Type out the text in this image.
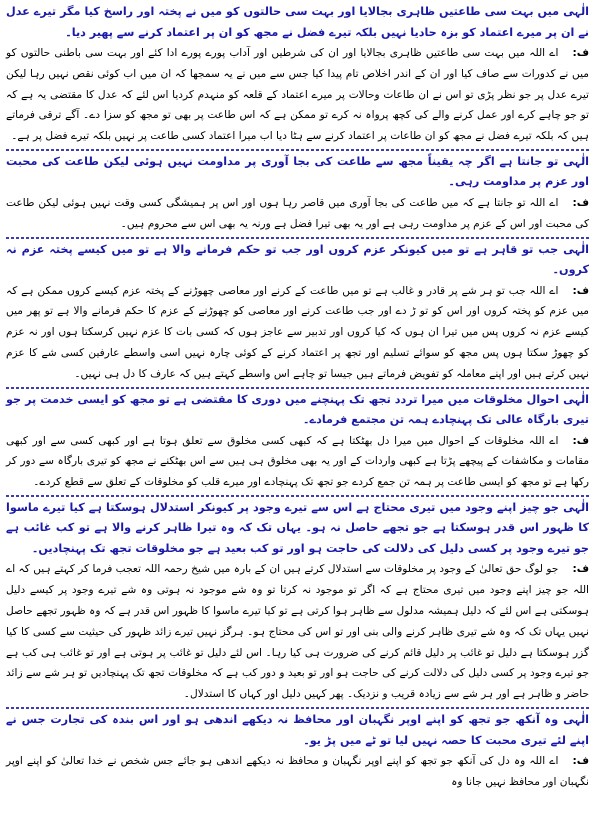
الٰہی میں بہت سی طاعتیں ظاہری بجالایا اور بہت سی حالتوں کو میں نے پختہ اور راسخ کیا مگر تیرے عدل نے ان پر میرے اعتماد کو بزہ حادیا نہیں بلکہ تیرے فضل نے مجھ کو ان پر اعتماد کرنے سے پھیر دیا۔

ف:اے اللہ میں بہت سی طاعتیں ظاہری بجالایا اور ان کی شرطیں اور آداب پورے پورے ادا کئے اور بہت سی باطنی حالتوں کو میں نے کدورات سے صاف کیا اور ان کے اندر اخلاص تام پیدا کیا جس سے میں نے یہ سمجھا کہ ان میں اب کوئی نقص نہیں رہا لیکن تیرے عدل پر جو نظر پڑی تو اس نے ان طاعات وحالات پر میرے اعتماد کے قلعہ کو منہدم کردیا اس لئے کہ عدل کا مقتضی یہ ہے کہ تو جو چاہے کرے اور عمل کرنے والے کی کچھ پرواہ نہ کرے تو ممکن ہے کہ اس طاعت پر بھی تو مجھ کو سزا دے۔ آگے ترقی فرماتے ہیں کہ بلکہ تیرے فضل نے مجھ کو ان طاعات پر اعتماد کرنے سے ہٹا دیا اب میرا اعتماد کسی طاعت پر نہیں بلکہ تیرے فضل پر ہے۔

الٰہی تو جانتا ہے اگر چہ یقیناً مجھ سے طاعت کی بجا آوری پر مداومت نہیں ہوئی لیکن طاعت کی محبت اور عزم پر مداومت رہی۔

ف:اے اللہ تو جانتا ہے کہ میں طاعت کی بجا آوری میں قاصر رہا ہوں اور اس پر ہمیشگی کسی وقت نہیں ہوئی لیکن طاعت کی محبت اور اس کے عزم پر مداومت رہی ہے اور یہ بھی تیرا فضل ہے ورنہ یہ بھی اس سے محروم ہیں۔

الٰہی جب تو قاہر ہے تو میں کیونکر عزم کروں اور جب تو حکم فرمانے والا ہے تو میں کیسے پختہ عزم نہ کروں۔

ف:اے اللہ جب تو ہر شے پر قادر و غالب ہے تو میں طاعت کے کرنے اور معاصی چھوڑنے کے پختہ عزم کیسے کروں ممکن ہے کہ میں عزم کو پختہ کروں اور اس کو تو ڑ دے اور جب طاعت کرنے اور معاصی کو چھوڑنے کے عزم کا حکم فرمانے والا ہے تو پھر میں کیسے عزم نہ کروں پس میں تیرا ان ہوں کہ کیا کروں اور تدبیر سے عاجز ہوں کہ کسی بات کا عزم نہیں کرسکتا ہوں اور نہ عزم کو چھوڑ سکتا ہوں پس مجھ کو سوائے تسلیم اور تجھ پر اعتماد کرنے کے کوئی چارہ نہیں اسی واسطے عارفین کسی شے کا عزم نہیں کرتے ہیں اور اپنے معاملہ کو تفویض فرماتے ہیں جیسا تو چاہے اس واسطے کہتے ہیں کہ عارف کا دل ہی نہیں۔

الٰہی احوال مخلوقات میں میرا تردد تجھ تک پہنچنے میں دوری کا مقتضی ہے تو مجھ کو ایسی خدمت پر جو تیری بارگاہ عالی تک پہنچادے ہمہ تن مجتمع فرمادے۔

ف:اے اللہ مخلوقات کے احوال میں میرا دل بھٹکتا ہے کہ کبھی کسی مخلوق سے تعلق ہوتا ہے اور کبھی کسی سے اور کبھی مقامات و مکاشفات کے پیچھے پڑتا ہے کبھی واردات کے اور یہ بھی مخلوق ہی ہیں سے اس بھٹکنے نے مجھ کو تیری بارگاہ سے دور کر رکھا ہے تو مجھ کو ایسی طاعت پر ہمہ تن جمع کردے جو تجھ تک پہنچادے اور میرے قلب کو مخلوقات کے تعلق سے قطع کردے۔

الٰہی جو چیز اپنے وجود میں تیری محتاج ہے اس سے تیرے وجود پر کیونکر استدلال ہوسکتا ہے کیا تیرے ماسوا کا ظہور اس قدر ہوسکتا ہے جو تجھے حاصل نہ ہو۔ یہاں تک کہ وہ تیرا ظاہر کرنے والا ہے تو کب غائب ہے جو تیرے وجود پر کسی دلیل کی دلالت کی حاجت ہو اور تو کب بعید ہے جو مخلوقات تجھ تک پہنچادیں۔

ف:جو لوگ حق تعالیٰ کے وجود پر مخلوقات سے استدلال کرتے ہیں ان کے بارہ میں شیخ رحمہ اللہ تعجب فرما کر کہتے ہیں کہ اے اللہ جو چیز اپنے وجود میں تیری محتاج ہے کہ اگر تو موجود نہ کرتا تو وہ شے موجود نہ ہوتی وہ شے تیرے وجود پر کیسے دلیل ہوسکتی ہے اس لئے کہ دلیل ہمیشہ مدلول سے ظاہر ہوا کرتی ہے تو کیا تیرے ماسوا کا ظہور اس قدر ہے کہ وہ ظہور تجھے حاصل نہیں یہاں تک کہ وہ شے تیری ظاہر کرنے والی بنی اور تو اس کی محتاج ہو۔ ہرگز نہیں تیرے زائد ظہور کی حیثیت سے کسی کا کیا گزر ہوسکتا ہے دلیل تو غائب پر دلیل قائم کرنے کی ضرورت ہی کیا رہا۔ اس لئے دلیل تو غائب پر ہوتی ہے اور تو غائب ہی کب ہے جو تیرے وجود پر کسی دلیل کی دلالت کرنے کی حاجت ہو اور تو بعید و دور کب ہے کہ مخلوقات تجھ تک پہنچادیں تو ہر شے سے زائد حاضر و ظاہر ہے اور ہر شے سے زیادہ قریب و نزدیک۔ پھر کہیں دلیل اور کہاں کا استدلال۔

الٰہی وہ آنکھ جو تجھ کو اپنے اوپر نگہبان اور محافظ نہ دیکھے اندھی ہو اور اس بندہ کی تجارت جس نے اپنے لئے تیری محبت کا حصہ نہیں لیا تو ٹے میں پڑ یو۔

ف:اے اللہ وہ دل کی آنکھ جو تجھ کو اپنے اوپر نگہبان و محافظ نہ دیکھے اندھی ہو جائے جس شخص نے خدا تعالیٰ کو اپنے اوپر نگہبان اور محافظ نہیں جانا وہ
